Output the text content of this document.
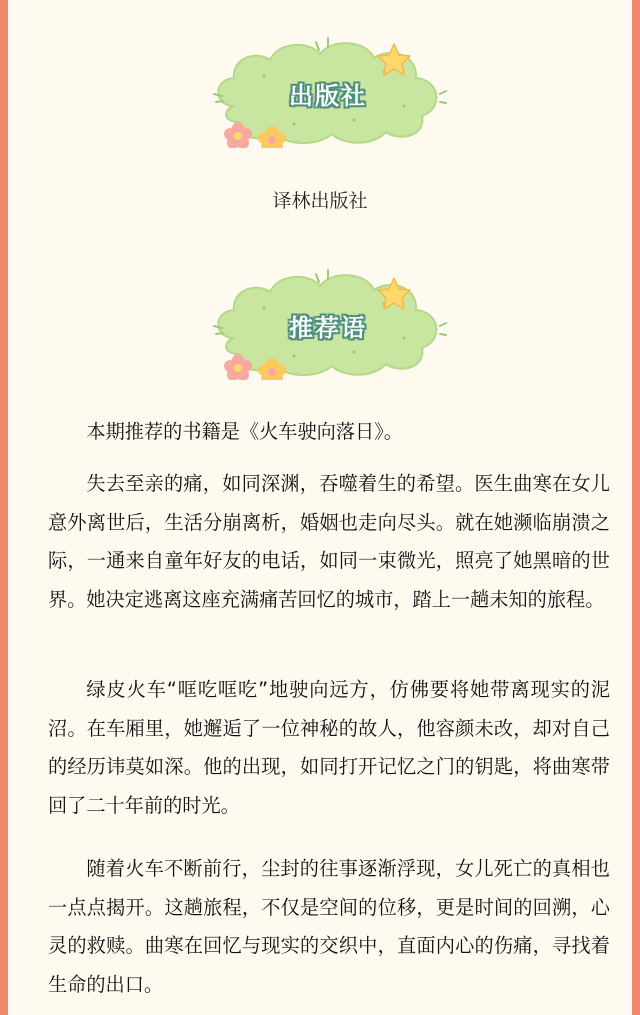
出版社
译林出版社
推荐语

本期推荐的书籍是《火车驶向落日》。

失去至亲的痛，如同深渊，吞噬着生的希望。医生曲寒在女儿意外离世后，生活分崩离析，婚姻也走向尽头。就在她濒临崩溃之际，一通来自童年好友的电话，如同一束微光，照亮了她黑暗的世界。她决定逃离这座充满痛苦回忆的城市，踏上一趟未知的旅程。

绿皮火车“哐吃哐吃”地驶向远方，仿佛要将她带离现实的泥沼。在车厢里，她邂逅了一位神秘的故人，他容颜未改，却对自己的经历讳莫如深。他的出现，如同打开记忆之门的钥匙，将曲寒带回了二十年前的时光。

随着火车不断前行，尘封的往事逐渐浮现，女儿死亡的真相也一点点揭开。这趟旅程，不仅是空间的位移，更是时间的回溯，心灵的救赎。曲寒在回忆与现实的交织中，直面内心的伤痛，寻找着生命的出口。
